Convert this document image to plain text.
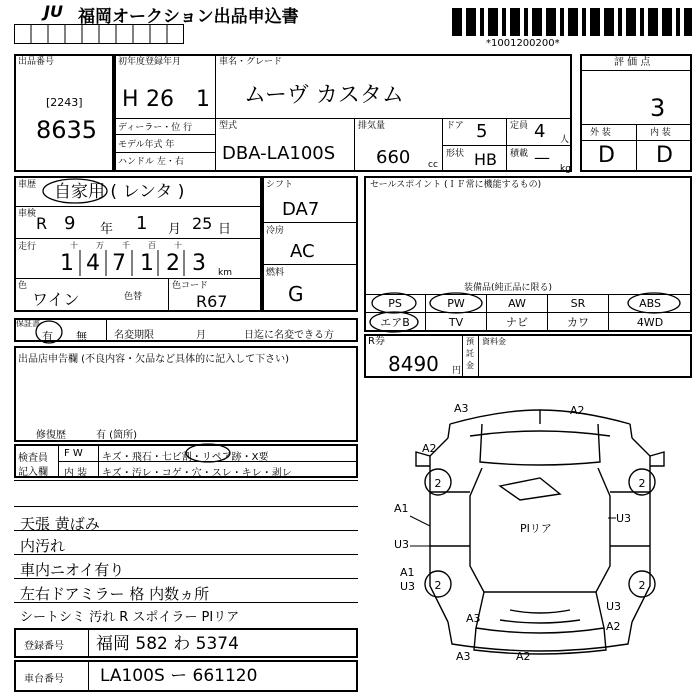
JU 福岡オークション出品申込書
*1001200200*
出品番号
[2243]
8635
初年度登録年月
H 26 1
ディーラー・位 行
モデル年式 年
ハンドル 左・右
車名・グレード
ムーヴ カスタム
型式
DBA-LA100S
排気量
660 cc
ドア 5	定員 4 人
形状 HB 積載 —
kg
評 価 点
3
外 装	内 装
D D
車歴 自家用 ( レンタ )
車検 R 9 年 1 月 25 日
走行	十 万 千 百 十
1 4 7 1 2 3 km
色
ワイン	色替
色コード
R67
シフト
DA7
冷房
AC
燃料
G
セールスポイント (ＩＦ常に機能するもの)
装備品(純正品に限る)
PS	PW	AW	SR	ABS
エアB	TV	ナビ	カワ	4WD
保証書
有 無	名変期限	月	日迄に名変できる方
R券
8490 円
預
託
金
資料金
出品店申告欄 (不良内容・欠品など具体的に記入して下さい)
修復歴	有 (箇所)
検査員
記入欄
F W キズ・飛石・七ビ割・リペア跡・X要
内 装 キズ・汚レ・コゲ・穴・スレ・キレ・剥レ
天張 黄ばみ
内汚れ
車内ニオイ有り
左右ドアミラー 格 内数ヵ所
シートシミ 汚れ R スポイラー PIリア
登録番号 福岡 582 わ 5374
車台番号 LA100S ー 661120
2	2
2	2
PIリア
A3	A2
A2
U3
A1
U3
A1
U3
U3
A2
A3	A2
A3
